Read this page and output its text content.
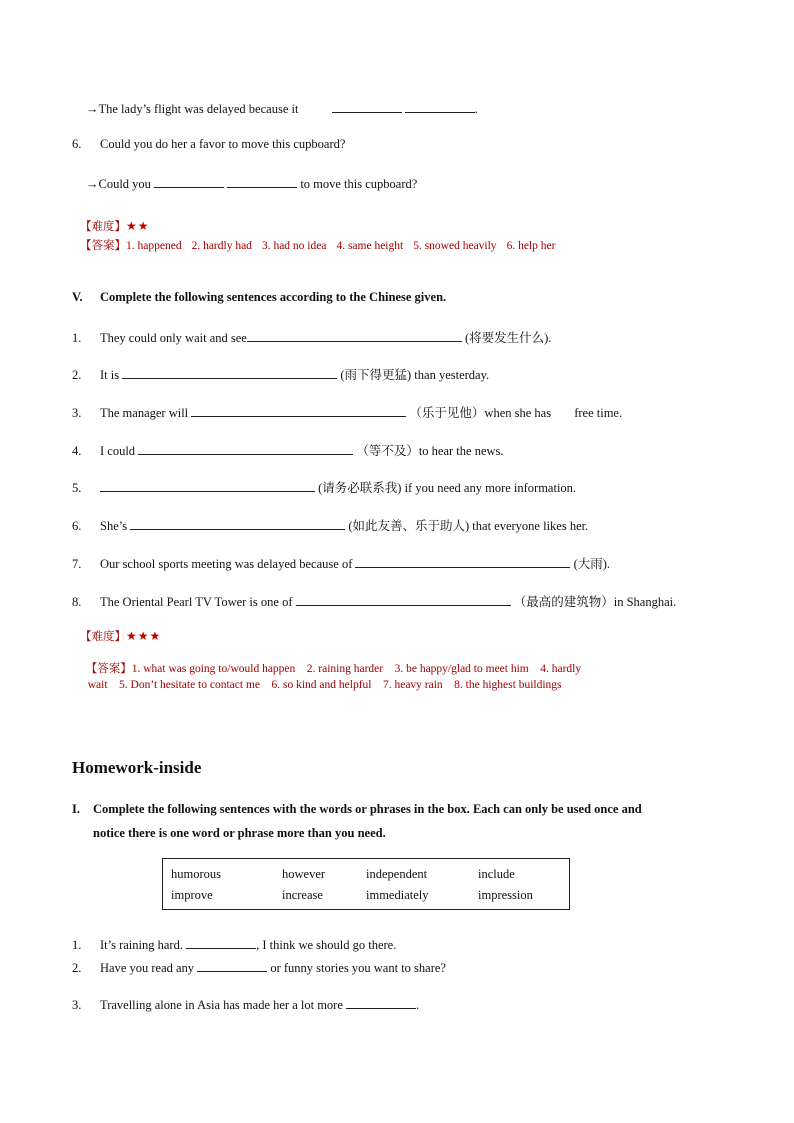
→The lady’s flight was delayed because it	.
6. Could you do her a favor to move this cupboard?
→Could you	to move this cupboard?
【难度】★★
【答案】1. happened 2. hardly had 3. had no idea 4. same height 5. snowed heavily 6. help her
V. Complete the following sentences according to the Chinese given.
1. They could only wait and see	(将要发生什么).
2. It is	(雨下得更猛) than yesterday.
3. The manager will	（乐于见他）when she has free time.
4. I could	（等不及）to hear the news.
5.	(请务必联系我) if you need any more information.
6. She’s	(如此友善、乐于助人) that everyone likes her.
7. Our school sports meeting was delayed because of	(大雨).
8. The Oriental Pearl TV Tower is one of	（最高的建筑物）in Shanghai.
【难度】★★★

【答案】1. what was going to/would happen    2. raining harder    3. be happy/glad to meet him    4. hardly

wait    5. Don’t hesitate to contact me    6. so kind and helpful    7. heavy rain    8. the highest buildings

Homework-inside
I. Complete the following sentences with the words or phrases in the box. Each can only be used once and
notice there is one word or phrase more than you need.
humorous	however	independent	include
improve	increase	immediately	impression
1. It’s raining hard.	, I think we should go there.
2. Have you read any	or funny stories you want to share?
3. Travelling alone in Asia has made her a lot more	.
